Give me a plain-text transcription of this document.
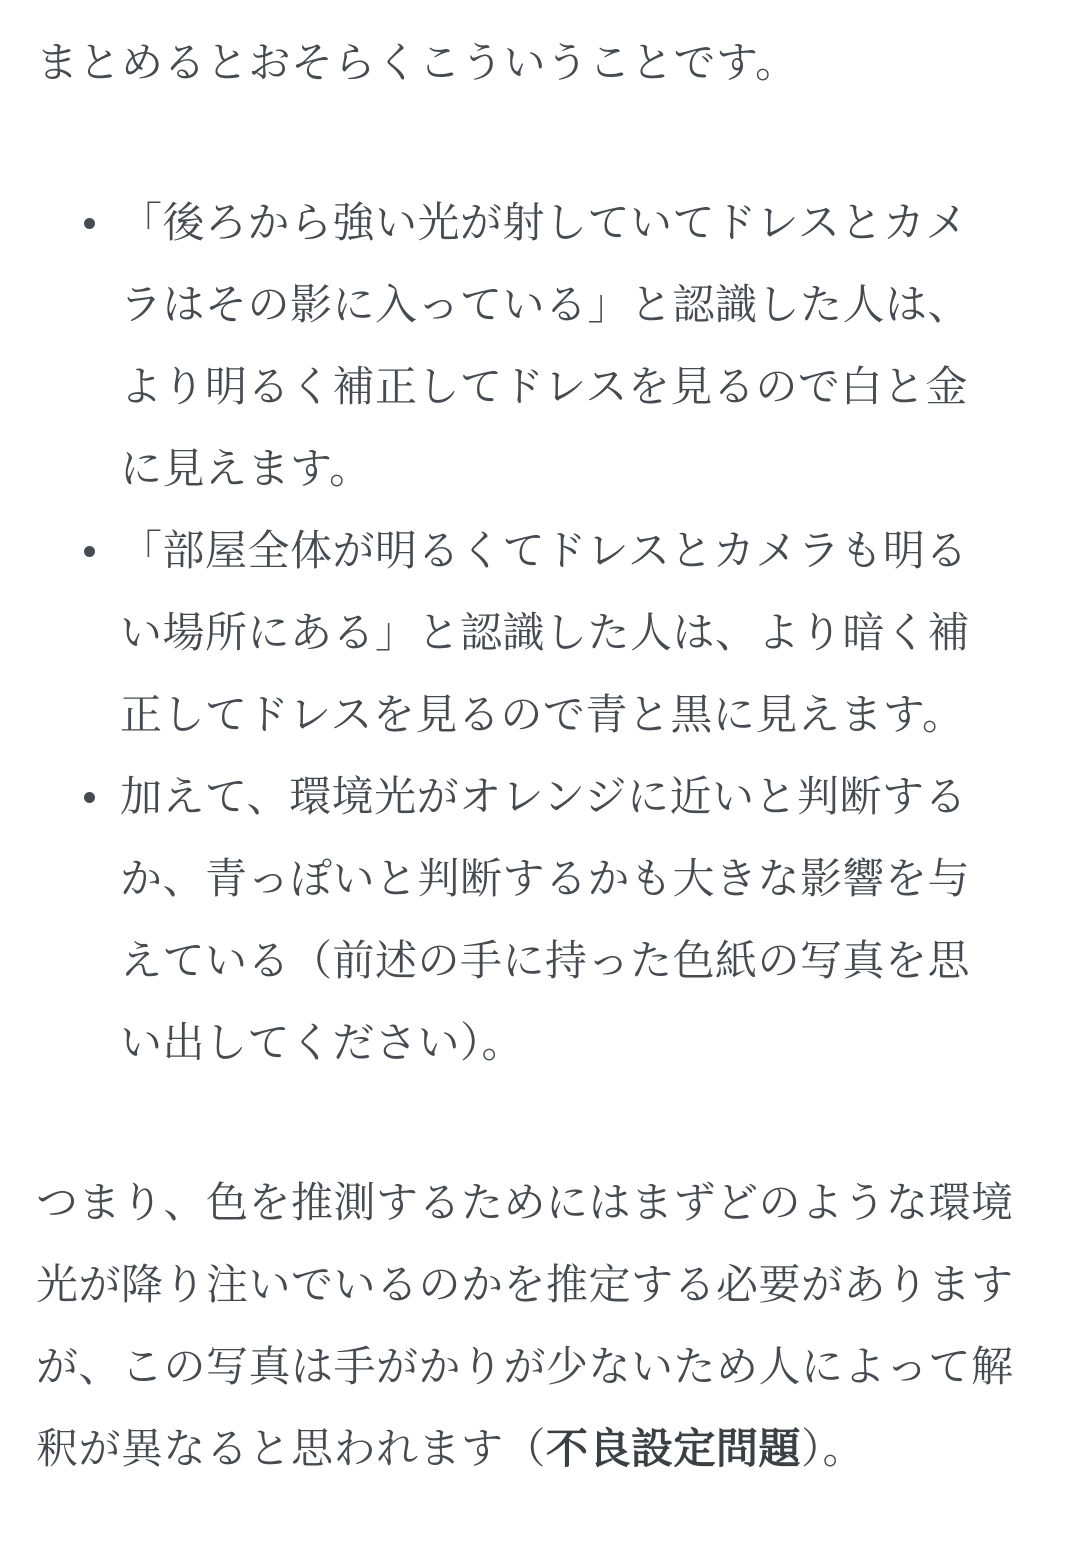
まとめるとおそらくこういうことです。

「後ろから強い光が射していてドレスとカメラはその影に入っている」と認識した人は、より明るく補正してドレスを見るので白と金に見えます。
「部屋全体が明るくてドレスとカメラも明るい場所にある」と認識した人は、より暗く補正してドレスを見るので青と黒に見えます。
加えて、環境光がオレンジに近いと判断するか、青っぽいと判断するかも大きな影響を与えている（前述の手に持った色紙の写真を思い出してください）。

つまり、色を推測するためにはまずどのような環境光が降り注いでいるのかを推定する必要がありますが、この写真は手がかりが少ないため人によって解釈が異なると思われます（不良設定問題）。
